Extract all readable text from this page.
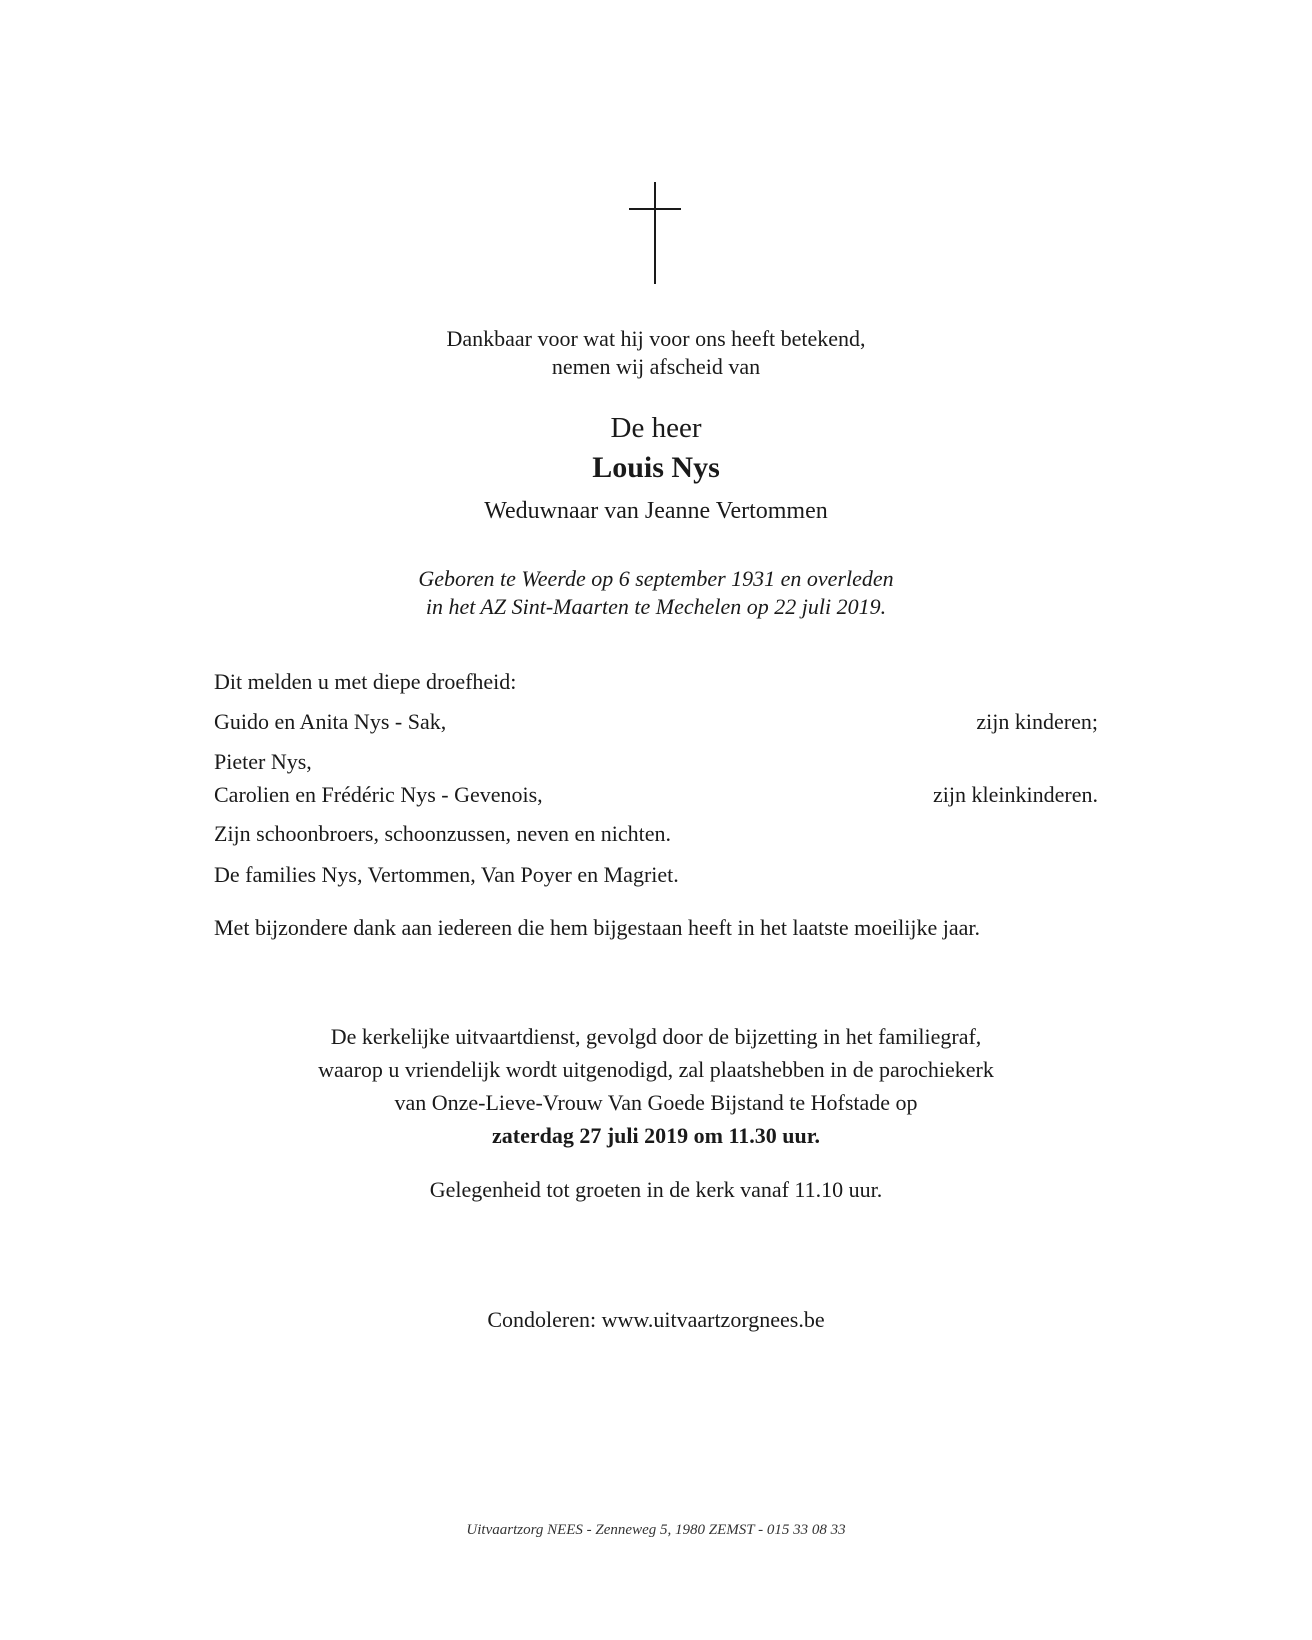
Dankbaar voor wat hij voor ons heeft betekend,
nemen wij afscheid van
De heer
Louis Nys
Weduwnaar van Jeanne Vertommen
Geboren te Weerde op 6 september 1931 en overleden
in het AZ Sint-Maarten te Mechelen op 22 juli 2019.
Dit melden u met diepe droefheid:
Guido en Anita Nys - Sak,	zijn kinderen;
Pieter Nys,
Carolien en Frédéric Nys - Gevenois,	zijn kleinkinderen.
Zijn schoonbroers, schoonzussen, neven en nichten.
De families Nys, Vertommen, Van Poyer en Magriet.
Met bijzondere dank aan iedereen die hem bijgestaan heeft in het laatste moeilijke jaar.
De kerkelijke uitvaartdienst, gevolgd door de bijzetting in het familiegraf,
waarop u vriendelijk wordt uitgenodigd, zal plaatshebben in de parochiekerk
van Onze-Lieve-Vrouw Van Goede Bijstand te Hofstade op
zaterdag 27 juli 2019 om 11.30 uur.
Gelegenheid tot groeten in de kerk vanaf 11.10 uur.
Condoleren: www.uitvaartzorgnees.be
Uitvaartzorg NEES - Zenneweg 5, 1980 ZEMST - 015 33 08 33
